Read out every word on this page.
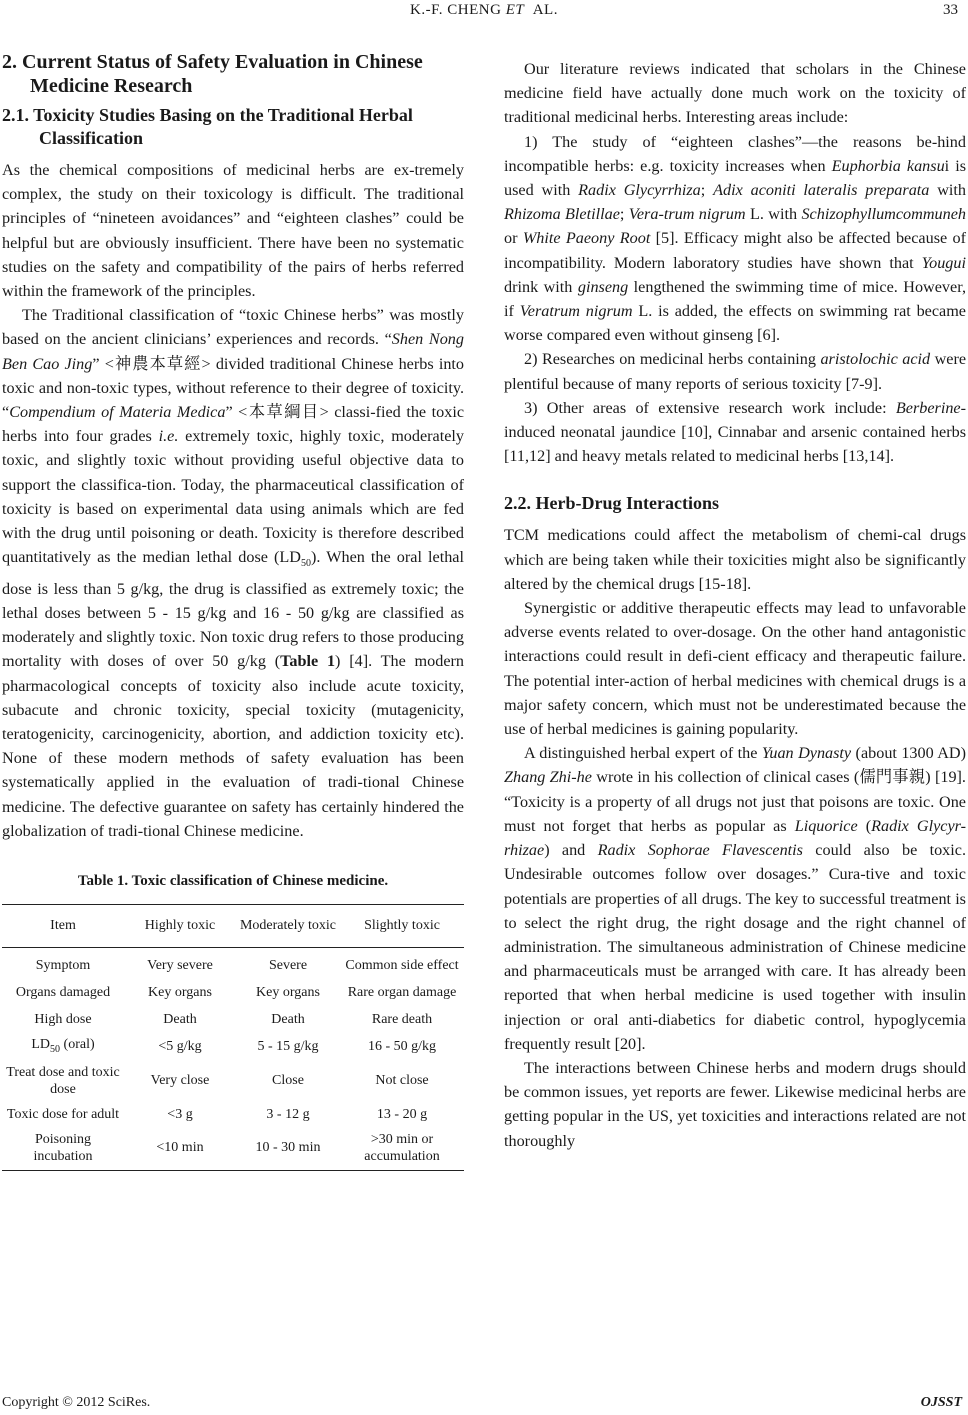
K.-F. CHENG ET AL.	33
2. Current Status of Safety Evaluation in Chinese Medicine Research
2.1. Toxicity Studies Basing on the Traditional Herbal Classification

As the chemical compositions of medicinal herbs are ex-tremely complex, the study on their toxicology is difficult. The traditional principles of “nineteen avoidances” and “eighteen clashes” could be helpful but are obviously insufficient. There have been no systematic studies on the safety and compatibility of the pairs of herbs referred within the framework of the principles.

The Traditional classification of “toxic Chinese herbs” was mostly based on the ancient clinicians’ experiences and records. “Shen Nong Ben Cao Jing” <神農本草經> divided traditional Chinese herbs into toxic and non-toxic types, without reference to their degree of toxicity. “Compendium of Materia Medica” <本草綱目> classi-fied the toxic herbs into four grades i.e. extremely toxic, highly toxic, moderately toxic, and slightly toxic without providing useful objective data to support the classifica-tion. Today, the pharmaceutical classification of toxicity is based on experimental data using animals which are fed with the drug until poisoning or death. Toxicity is therefore described quantitatively as the median lethal dose $(LD_{50})$. When the oral lethal dose is less than 5 g/kg, the drug is classified as extremely toxic; the lethal doses between 5 - 15 g/kg and 16 - 50 g/kg are classified as moderately and slightly toxic. Non toxic drug refers to those producing mortality with doses of over 50 g/kg (Table 1) [4]. The modern pharmacological concepts of toxicity also include acute toxicity, subacute and chronic toxicity, special toxicity (mutagenicity, teratogenicity, carcinogenicity, abortion, and addiction toxicity etc). None of these modern methods of safety evaluation has been systematically applied in the evaluation of tradi-tional Chinese medicine. The defective guarantee on safety has certainly hindered the globalization of tradi-tional Chinese medicine.

Table 1. Toxic classification of Chinese medicine.
Item	Highly toxic	Moderately toxic	Slightly toxic
Symptom	Very severe	Severe	Common side effect
Organs damaged	Key organs	Key organs	Rare organ damage
High dose	Death	Death	Rare death
$LD_{50}$ (oral)	<5 g/kg	5 - 15 g/kg	16 - 50 g/kg
Treat dose and toxic dose	Very close	Close	Not close
Toxic dose for adult	<3 g	3 - 12 g	13 - 20 g
Poisoning incubation	<10 min	10 - 30 min	>30 min or accumulation

Our literature reviews indicated that scholars in the Chinese medicine field have actually done much work on the toxicity of traditional medicinal herbs. Interesting areas include:

1) The study of “eighteen clashes”—the reasons be-hind incompatible herbs: e.g. toxicity increases when Euphorbia kansui is used with Radix Glycyrrhiza; Adix aconiti lateralis preparata with Rhizoma Bletillae; Vera-trum nigrum L. with Schizophyllumcommuneh or White Paeony Root [5]. Efficacy might also be affected because of incompatibility. Modern laboratory studies have shown that Yougui drink with ginseng lengthened the swimming time of mice. However, if Veratrum nigrum L. is added, the effects on swimming rat became worse compared even without ginseng [6].

2) Researches on medicinal herbs containing aristolochic acid were plentiful because of many reports of serious toxicity [7-9].

3) Other areas of extensive research work include: Berberine-induced neonatal jaundice [10], Cinnabar and arsenic contained herbs [11,12] and heavy metals related to medicinal herbs [13,14].

2.2. Herb-Drug Interactions

TCM medications could affect the metabolism of chemi-cal drugs which are being taken while their toxicities might also be significantly altered by the chemical drugs [15-18].

Synergistic or additive therapeutic effects may lead to unfavorable adverse events related to over-dosage. On the other hand antagonistic interactions could result in defi-cient efficacy and therapeutic failure. The potential inter-action of herbal medicines with chemical drugs is a major safety concern, which must not be underestimated because the use of herbal medicines is gaining popularity.

A distinguished herbal expert of the Yuan Dynasty (about 1300 AD) Zhang Zhi-he wrote in his collection of clinical cases (儒門事親) [19]. “Toxicity is a property of all drugs not just that poisons are toxic. One must not forget that herbs as popular as Liquorice (Radix Glycyr-rhizae) and Radix Sophorae Flavescentis could also be toxic. Undesirable outcomes follow over dosages.” Cura-tive and toxic potentials are properties of all drugs. The key to successful treatment is to select the right drug, the right dosage and the right channel of administration. The simultaneous administration of Chinese medicine and pharmaceuticals must be arranged with care. It has already been reported that when herbal medicine is used together with insulin injection or oral anti-diabetics for diabetic control, hypoglycemia frequently result [20].

The interactions between Chinese herbs and modern drugs should be common issues, yet reports are fewer. Likewise medicinal herbs are getting popular in the US, yet toxicities and interactions related are not thoroughly

Copyright © 2012 SciRes.	OJSST
